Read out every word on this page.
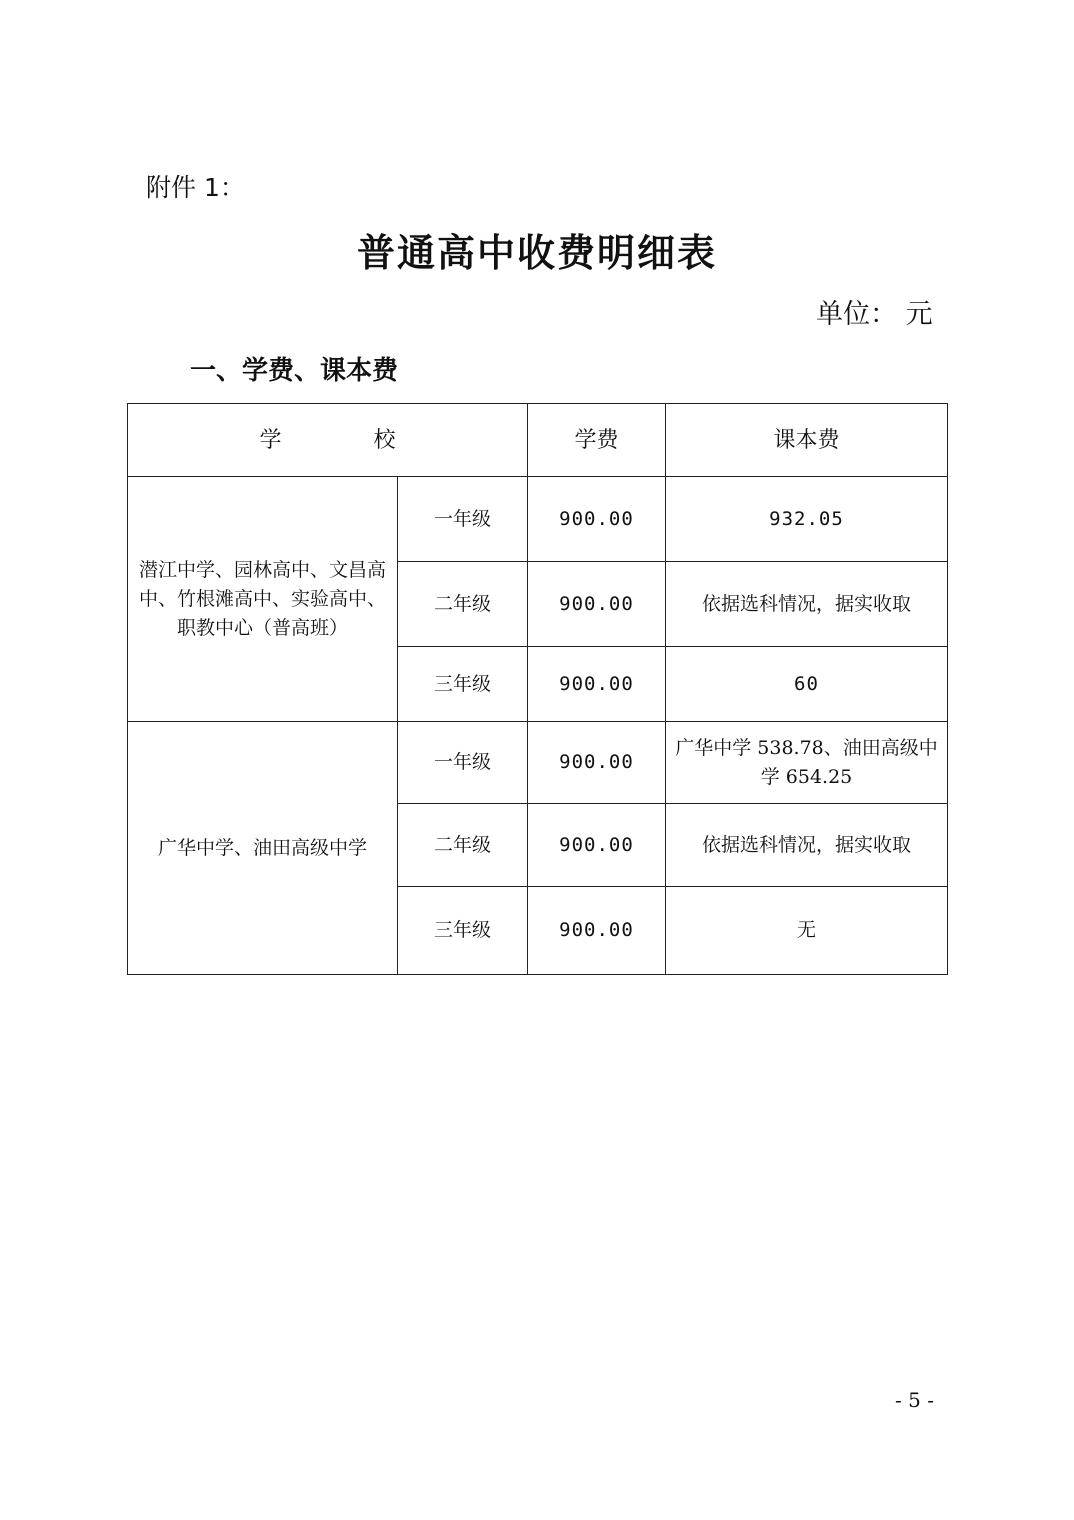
附件 1：
普通高中收费明细表
单位： 元
一、学费、课本费
学 校		学费	课本费
潜江中学、园林高中、文昌高中、竹根滩高中、实验高中、职教中心（普高班）	一年级	900.00	932.05
	二年级	900.00	依据选科情况，据实收取
	三年级	900.00	60
广华中学、油田高级中学	一年级	900.00	广华中学 538.78、油田高级中学 654.25
	二年级	900.00	依据选科情况，据实收取
	三年级	900.00	无
- 5 -
